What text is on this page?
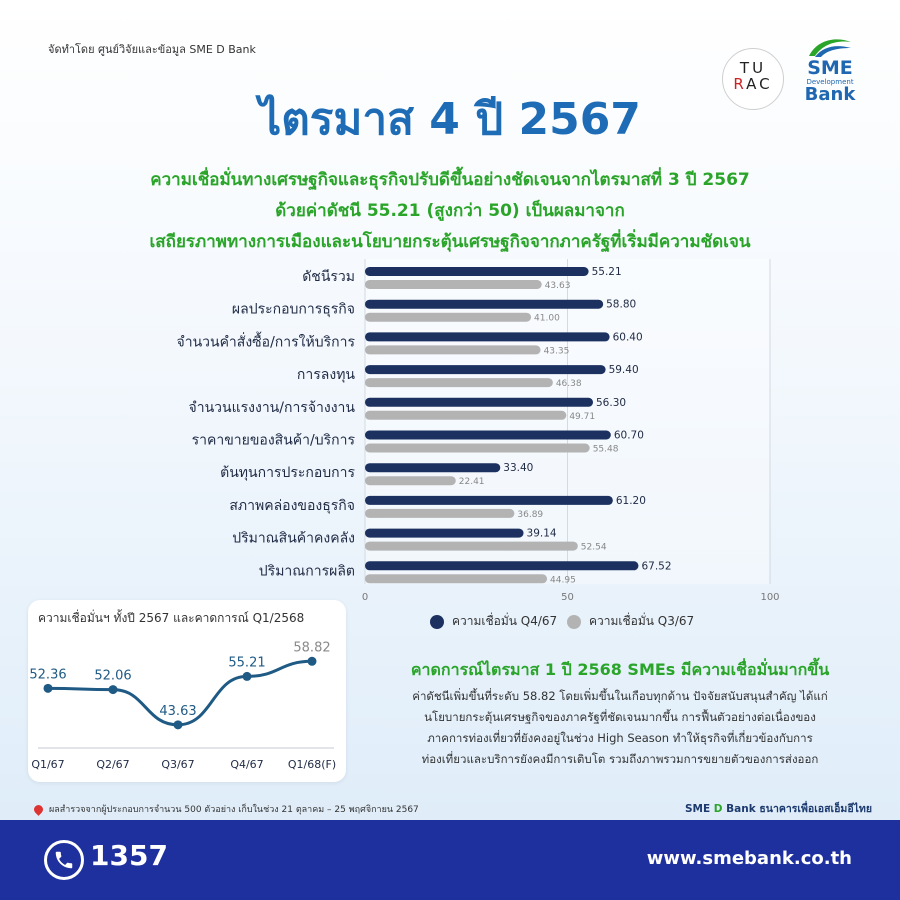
จัดทำโดย ศูนย์วิจัยและข้อมูล SME D Bank
TU
RAC

SME
Development
Bank
ไตรมาส 4 ปี 2567
ความเชื่อมั่นทางเศรษฐกิจและธุรกิจปรับดีขึ้นอย่างชัดเจนจากไตรมาสที่ 3 ปี 2567
ด้วยค่าดัชนี 55.21 (สูงกว่า 50) เป็นผลมาจาก
เสถียรภาพทางการเมืองและนโยบายกระตุ้นเศรษฐกิจจากภาครัฐที่เริ่มมีความชัดเจน
0	50	100
ดัชนีรวม	55.21
43.63
ผลประกอบการธุรกิจ	58.80
41.00
จำนวนคำสั่งซื้อ/การให้บริการ	60.40
43.35
การลงทุน	59.40
46.38
จำนวนแรงงาน/การจ้างงาน	56.30
49.71
ราคาขายของสินค้า/บริการ	60.70
55.48
ต้นทุนการประกอบการ	33.40
22.41
สภาพคล่องของธุรกิจ	61.20
36.89
ปริมาณสินค้าคงคลัง	39.14
52.54
ปริมาณการผลิต	67.52
44.95
ความเชื่อมั่น Q4/67	ความเชื่อมั่น Q3/67
ความเชื่อมั่นฯ ทั้งปี 2567 และคาดการณ์ Q1/2568
52.36
Q1/67
52.06
Q2/67
43.63
Q3/67
55.21
Q4/67
58.82
Q1/68(F)
คาดการณ์ไตรมาส 1 ปี 2568 SMEs มีความเชื่อมั่นมากขึ้น
ค่าดัชนีเพิ่มขึ้นที่ระดับ 58.82 โดยเพิ่มขึ้นในเกือบทุกด้าน ปัจจัยสนับสนุนสำคัญ ได้แก่
นโยบายกระตุ้นเศรษฐกิจของภาครัฐที่ชัดเจนมากขึ้น การฟื้นตัวอย่างต่อเนื่องของ
ภาคการท่องเที่ยวที่ยังคงอยู่ในช่วง High Season ทำให้ธุรกิจที่เกี่ยวข้องกับการ
ท่องเที่ยวและบริการยังคงมีการเติบโต รวมถึงภาพรวมการขยายตัวของการส่งออก
ผลสำรวจจากผู้ประกอบการจำนวน 500 ตัวอย่าง เก็บในช่วง 21 ตุลาคม – 25 พฤศจิกายน 2567	SME D Bank ธนาคารเพื่อเอสเอ็มอีไทย
1357	www.smebank.co.th
